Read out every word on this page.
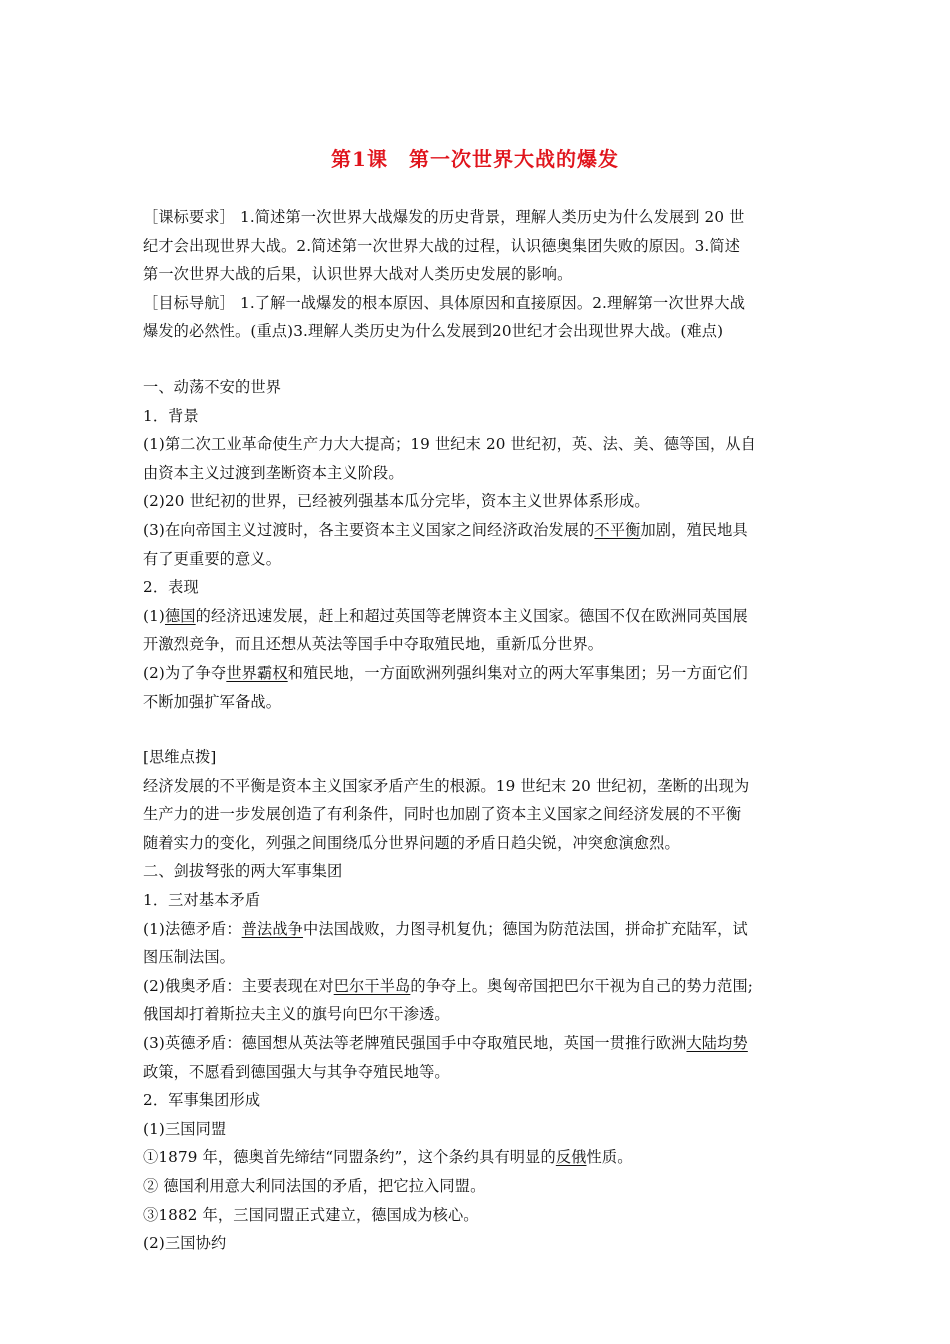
第1课　第一次世界大战的爆发

［课标要求］ 1.简述第一次世界大战爆发的历史背景，理解人类历史为什么发展到 20 世

纪才会出现世界大战。2.简述第一次世界大战的过程，认识德奥集团失败的原因。3.简述

第一次世界大战的后果，认识世界大战对人类历史发展的影响。

［目标导航］ 1.了解一战爆发的根本原因、具体原因和直接原因。2.理解第一次世界大战

爆发的必然性。(重点)3.理解人类历史为什么发展到20世纪才会出现世界大战。(难点)

一、动荡不安的世界

1．背景

(1)第二次工业革命使生产力大大提高；19 世纪末 20 世纪初，英、法、美、德等国，从自

由资本主义过渡到垄断资本主义阶段。

(2)20 世纪初的世界，已经被列强基本瓜分完毕，资本主义世界体系形成。

(3)在向帝国主义过渡时，各主要资本主义国家之间经济政治发展的不平衡加剧，殖民地具

有了更重要的意义。

2．表现

(1)德国的经济迅速发展，赶上和超过英国等老牌资本主义国家。德国不仅在欧洲同英国展

开激烈竞争，而且还想从英法等国手中夺取殖民地，重新瓜分世界。

(2)为了争夺世界霸权和殖民地，一方面欧洲列强纠集对立的两大军事集团；另一方面它们

不断加强扩军备战。

[思维点拨]

经济发展的不平衡是资本主义国家矛盾产生的根源。19 世纪末 20 世纪初，垄断的出现为

生产力的进一步发展创造了有利条件，同时也加剧了资本主义国家之间经济发展的不平衡

随着实力的变化，列强之间围绕瓜分世界问题的矛盾日趋尖锐，冲突愈演愈烈。

二、剑拔弩张的两大军事集团

1．三对基本矛盾

(1)法德矛盾：普法战争中法国战败，力图寻机复仇；德国为防范法国，拼命扩充陆军，试

图压制法国。

(2)俄奥矛盾：主要表现在对巴尔干半岛的争夺上。奥匈帝国把巴尔干视为自己的势力范围;

俄国却打着斯拉夫主义的旗号向巴尔干渗透。

(3)英德矛盾：德国想从英法等老牌殖民强国手中夺取殖民地，英国一贯推行欧洲大陆均势

政策，不愿看到德国强大与其争夺殖民地等。

2．军事集团形成

(1)三国同盟

①1879 年，德奥首先缔结“同盟条约”，这个条约具有明显的反俄性质。

② 德国利用意大利同法国的矛盾，把它拉入同盟。

③1882 年，三国同盟正式建立，德国成为核心。

(2)三国协约
